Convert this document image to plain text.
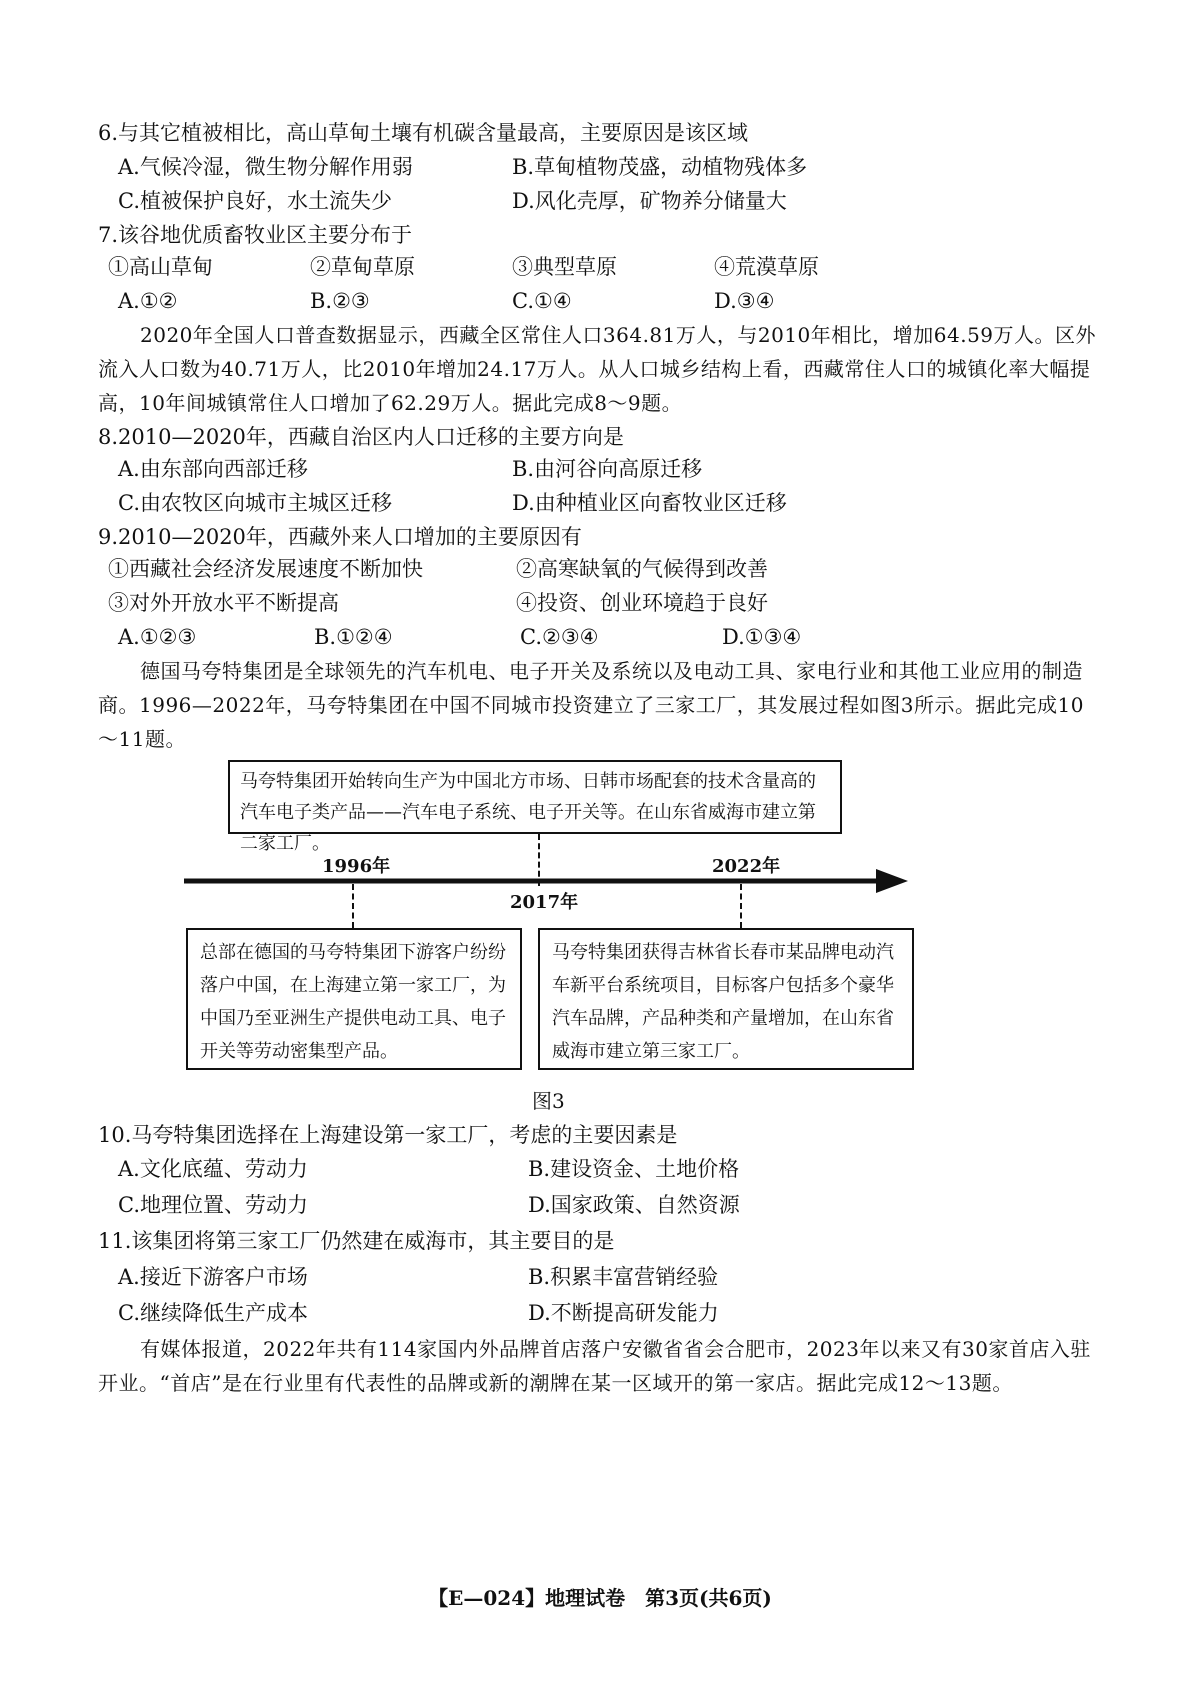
6.与其它植被相比，高山草甸土壤有机碳含量最高，主要原因是该区域
A.气候冷湿，微生物分解作用弱	B.草甸植物茂盛，动植物残体多
C.植被保护良好，水土流失少	D.风化壳厚，矿物养分储量大
7.该谷地优质畜牧业区主要分布于
①高山草甸	②草甸草原	③典型草原	④荒漠草原
A.①②	B.②③	C.①④	D.③④
2020年全国人口普查数据显示，西藏全区常住人口364.81万人，与2010年相比，增加64.59万人。区外流入人口数为40.71万人，比2010年增加24.17万人。从人口城乡结构上看，西藏常住人口的城镇化率大幅提高，10年间城镇常住人口增加了62.29万人。据此完成8～9题。
8.2010—2020年，西藏自治区内人口迁移的主要方向是
A.由东部向西部迁移	B.由河谷向高原迁移
C.由农牧区向城市主城区迁移	D.由种植业区向畜牧业区迁移
9.2010—2020年，西藏外来人口增加的主要原因有
①西藏社会经济发展速度不断加快	②高寒缺氧的气候得到改善
③对外开放水平不断提高	④投资、创业环境趋于良好
A.①②③	B.①②④	C.②③④	D.①③④
德国马夸特集团是全球领先的汽车机电、电子开关及系统以及电动工具、家电行业和其他工业应用的制造商。1996—2022年，马夸特集团在中国不同城市投资建立了三家工厂，其发展过程如图3所示。据此完成10～11题。
马夸特集团开始转向生产为中国北方市场、日韩市场配套的技术含量高的汽车电子类产品——汽车电子系统、电子开关等。在山东省威海市建立第二家工厂。
1996年	2022年
2017年
总部在德国的马夸特集团下游客户纷纷落户中国，在上海建立第一家工厂，为中国乃至亚洲生产提供电动工具、电子开关等劳动密集型产品。
马夸特集团获得吉林省长春市某品牌电动汽车新平台系统项目，目标客户包括多个豪华汽车品牌，产品种类和产量增加，在山东省威海市建立第三家工厂。
图3
10.马夸特集团选择在上海建设第一家工厂，考虑的主要因素是
A.文化底蕴、劳动力	B.建设资金、土地价格
C.地理位置、劳动力	D.国家政策、自然资源
11.该集团将第三家工厂仍然建在威海市，其主要目的是
A.接近下游客户市场	B.积累丰富营销经验
C.继续降低生产成本	D.不断提高研发能力
有媒体报道，2022年共有114家国内外品牌首店落户安徽省省会合肥市，2023年以来又有30家首店入驻开业。“首店”是在行业里有代表性的品牌或新的潮牌在某一区域开的第一家店。据此完成12～13题。
【E—024】地理试卷　第3页(共6页)
